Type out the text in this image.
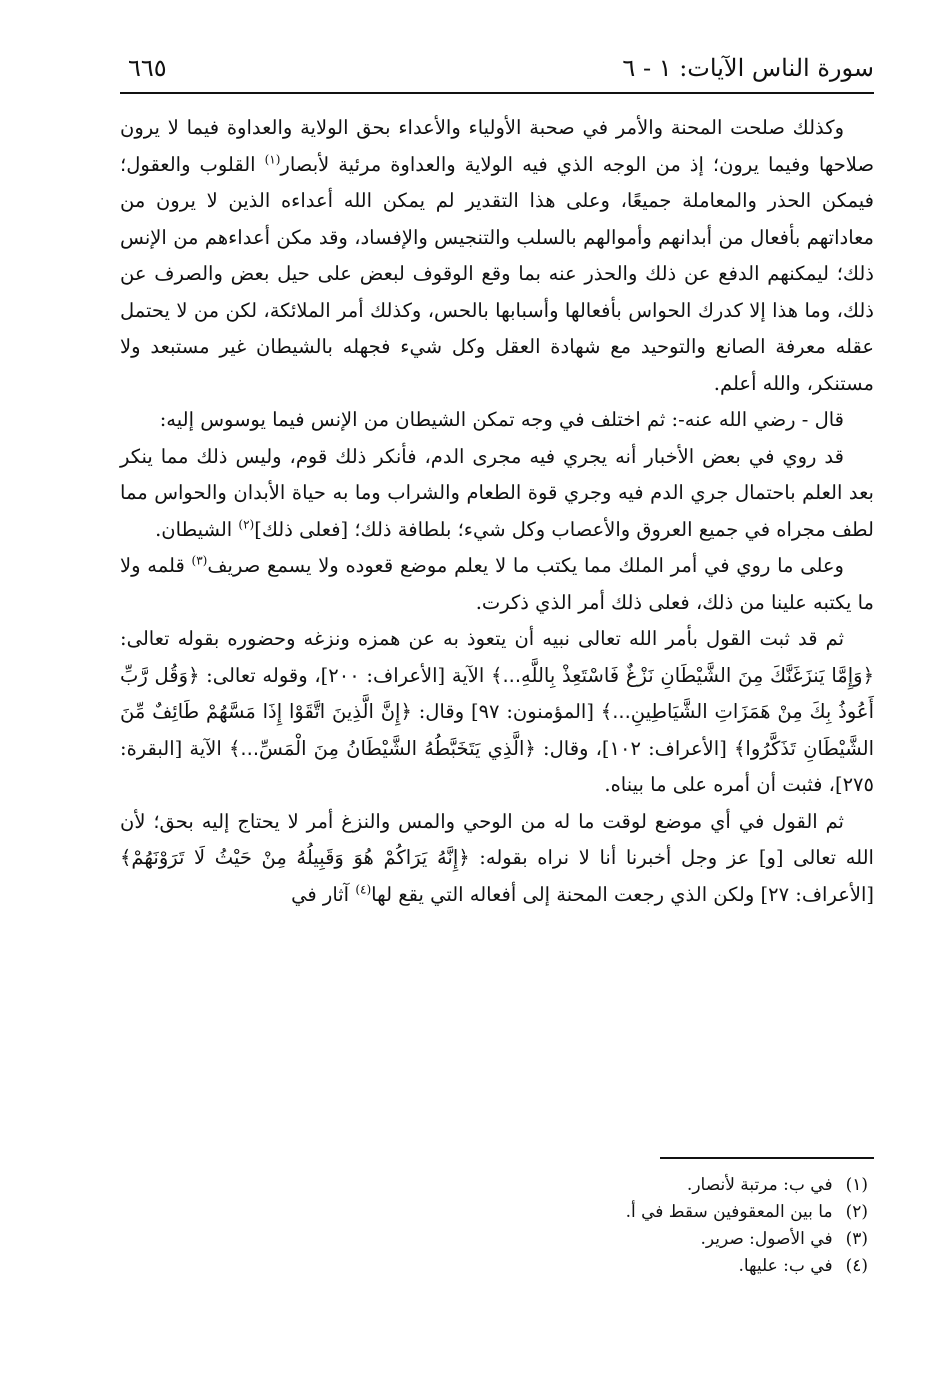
سورة الناس الآيات: ١ - ٦
٦٦٥

وكذلك صلحت المحنة والأمر في صحبة الأولياء والأعداء بحق الولاية والعداوة فيما لا يرون صلاحها وفيما يرون؛ إذ من الوجه الذي فيه الولاية والعداوة مرئية لأبصار$^{(١)}$ القلوب والعقول؛ فيمكن الحذر والمعاملة جميعًا، وعلى هذا التقدير لم يمكن الله أعداءه الذين لا يرون من معاداتهم بأفعال من أبدانهم وأموالهم بالسلب والتنجيس والإفساد، وقد مكن أعداءهم من الإنس ذلك؛ ليمكنهم الدفع عن ذلك والحذر عنه بما وقع الوقوف لبعض على حيل بعض والصرف عن ذلك، وما هذا إلا كدرك الحواس بأفعالها وأسبابها بالحس، وكذلك أمر الملائكة، لكن من لا يحتمل عقله معرفة الصانع والتوحيد مع شهادة العقل وكل شيء فجهله بالشيطان غير مستبعد ولا مستنكر، والله أعلم.

قال - رضي الله عنه-: ثم اختلف في وجه تمكن الشيطان من الإنس فيما يوسوس إليه:

قد روي في بعض الأخبار أنه يجري فيه مجرى الدم، فأنكر ذلك قوم، وليس ذلك مما ينكر بعد العلم باحتمال جري الدم فيه وجري قوة الطعام والشراب وما به حياة الأبدان والحواس مما لطف مجراه في جميع العروق والأعصاب وكل شيء؛ بلطافة ذلك؛ [فعلى ذلك]$^{(٢)}$ الشيطان.

وعلى ما روي في أمر الملك مما يكتب ما لا يعلم موضع قعوده ولا يسمع صريف$^{(٣)}$ قلمه ولا ما يكتبه علينا من ذلك، فعلى ذلك أمر الذي ذكرت.

ثم قد ثبت القول بأمر الله تعالى نبيه أن يتعوذ به عن همزه ونزغه وحضوره بقوله تعالى: ﴿وَإِمَّا يَنزَغَنَّكَ مِنَ الشَّيْطَانِ نَزْغٌ فَاسْتَعِذْ بِاللَّهِ...﴾ الآية [الأعراف: ٢٠٠]، وقوله تعالى: ﴿وَقُل رَّبِّ أَعُوذُ بِكَ مِنْ هَمَزَاتِ الشَّيَاطِينِ...﴾ [المؤمنون: ٩٧] وقال: ﴿إِنَّ الَّذِينَ اتَّقَوْا إِذَا مَسَّهُمْ طَائِفٌ مِّنَ الشَّيْطَانِ تَذَكَّرُوا﴾ [الأعراف: ١٠٢]، وقال: ﴿الَّذِي يَتَخَبَّطُهُ الشَّيْطَانُ مِنَ الْمَسِّ...﴾ الآية [البقرة: ٢٧٥]، فثبت أن أمره على ما بيناه.

ثم القول في أي موضع لوقت ما له من الوحي والمس والنزغ أمر لا يحتاج إليه بحق؛ لأن الله تعالى [و] عز وجل أخبرنا أنا لا نراه بقوله: ﴿إِنَّهُ يَرَاكُمْ هُوَ وَقَبِيلُهُ مِنْ حَيْثُ لَا تَرَوْنَهُمْ﴾ [الأعراف: ٢٧] ولكن الذي رجعت المحنة إلى أفعاله التي يقع لها$^{(٤)}$ آثار في

(١) في ب: مرتبة لأنصار.
(٢) ما بين المعقوفين سقط في أ.
(٣) في الأصول: صرير.
(٤) في ب: عليها.
